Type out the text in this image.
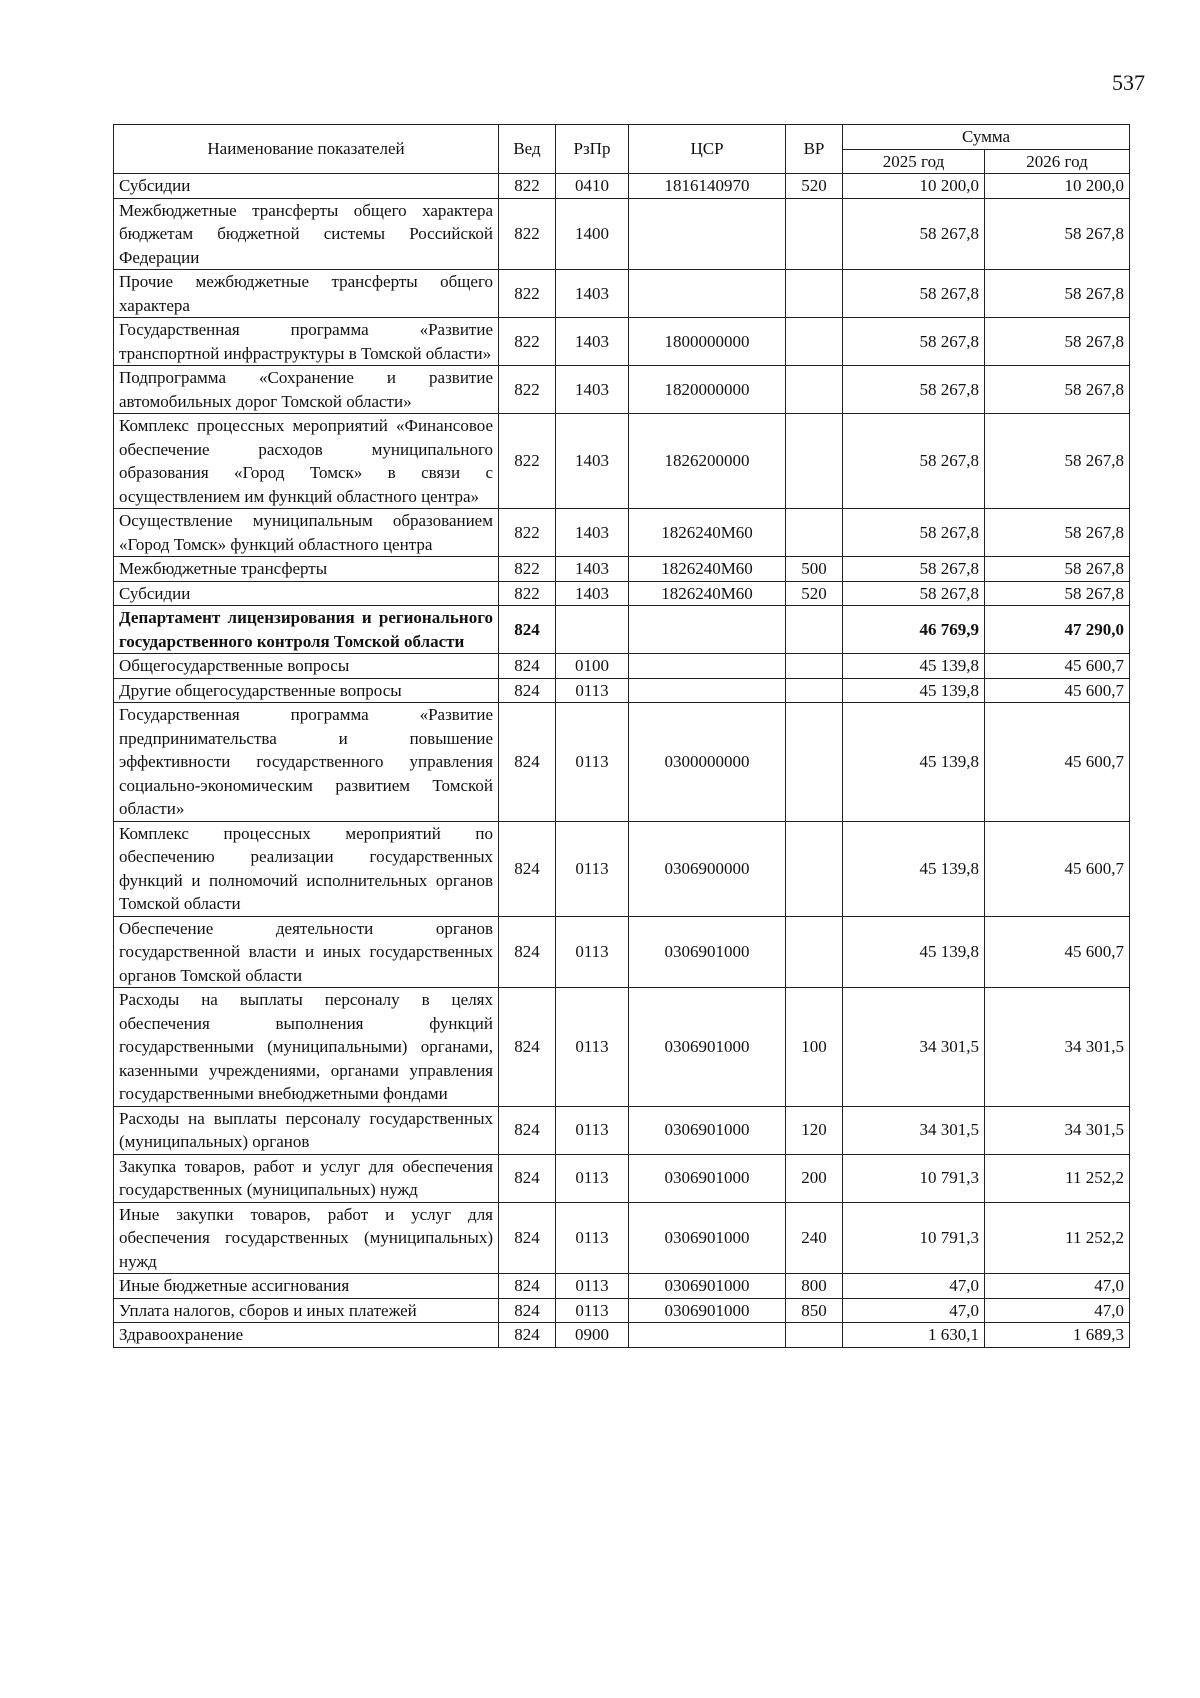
537
Наименование показателей	Вед	РзПр	ЦСР	ВР	Сумма	
					2025 год	2026 год
Субсидии	822	0410	1816140970	520	10 200,0	10 200,0
Межбюджетные трансферты общего характера бюджетам бюджетной системы Российской Федерации	822	1400			58 267,8	58 267,8
Прочие межбюджетные трансферты общего характера	822	1403			58 267,8	58 267,8
Государственная программа «Развитие транспортной инфраструктуры в Томской области»	822	1403	1800000000		58 267,8	58 267,8
Подпрограмма «Сохранение и развитие автомобильных дорог Томской области»	822	1403	1820000000		58 267,8	58 267,8
Комплекс процессных мероприятий «Финансовое обеспечение расходов муниципального образования «Город Томск» в связи с осуществлением им функций областного центра»	822	1403	1826200000		58 267,8	58 267,8
Осуществление муниципальным образованием «Город Томск» функций областного центра	822	1403	1826240М60		58 267,8	58 267,8
Межбюджетные трансферты	822	1403	1826240М60	500	58 267,8	58 267,8
Субсидии	822	1403	1826240М60	520	58 267,8	58 267,8
Департамент лицензирования и регионального государственного контроля Томской области	824				46 769,9	47 290,0
Общегосударственные вопросы	824	0100			45 139,8	45 600,7
Другие общегосударственные вопросы	824	0113			45 139,8	45 600,7
Государственная программа «Развитие предпринимательства и повышение эффективности государственного управления социально-экономическим развитием Томской области»	824	0113	0300000000		45 139,8	45 600,7
Комплекс процессных мероприятий по обеспечению реализации государственных функций и полномочий исполнительных органов Томской области	824	0113	0306900000		45 139,8	45 600,7
Обеспечение деятельности органов государственной власти и иных государственных органов Томской области	824	0113	0306901000		45 139,8	45 600,7
Расходы на выплаты персоналу в целях обеспечения выполнения функций государственными (муниципальными) органами, казенными учреждениями, органами управления государственными внебюджетными фондами	824	0113	0306901000	100	34 301,5	34 301,5
Расходы на выплаты персоналу государственных (муниципальных) органов	824	0113	0306901000	120	34 301,5	34 301,5
Закупка товаров, работ и услуг для обеспечения государственных (муниципальных) нужд	824	0113	0306901000	200	10 791,3	11 252,2
Иные закупки товаров, работ и услуг для обеспечения государственных (муниципальных) нужд	824	0113	0306901000	240	10 791,3	11 252,2
Иные бюджетные ассигнования	824	0113	0306901000	800	47,0	47,0
Уплата налогов, сборов и иных платежей	824	0113	0306901000	850	47,0	47,0
Здравоохранение	824	0900			1 630,1	1 689,3
